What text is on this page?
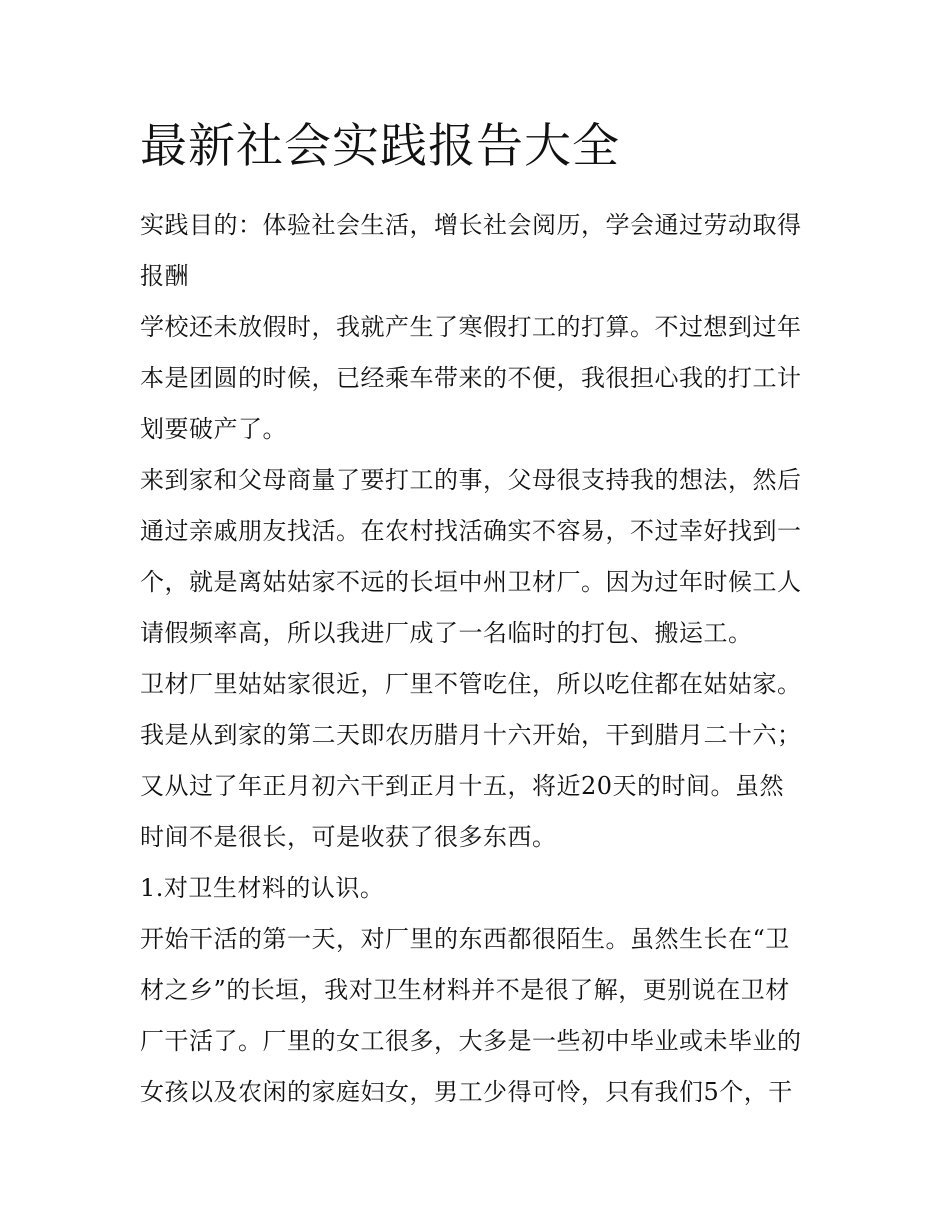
最新社会实践报告大全
实践目的：体验社会生活，增长社会阅历，学会通过劳动取得
报酬
学校还未放假时，我就产生了寒假打工的打算。不过想到过年
本是团圆的时候，已经乘车带来的不便，我很担心我的打工计
划要破产了。
来到家和父母商量了要打工的事，父母很支持我的想法，然后
通过亲戚朋友找活。在农村找活确实不容易，不过幸好找到一
个，就是离姑姑家不远的长垣中州卫材厂。因为过年时候工人
请假频率高，所以我进厂成了一名临时的打包、搬运工。
卫材厂里姑姑家很近，厂里不管吃住，所以吃住都在姑姑家。
我是从到家的第二天即农历腊月十六开始，干到腊月二十六；
又从过了年正月初六干到正月十五，将近20天的时间。虽然
时间不是很长，可是收获了很多东西。
1.对卫生材料的认识。
开始干活的第一天，对厂里的东西都很陌生。虽然生长在“卫
材之乡”的长垣，我对卫生材料并不是很了解，更别说在卫材
厂干活了。厂里的女工很多，大多是一些初中毕业或未毕业的
女孩以及农闲的家庭妇女，男工少得可怜，只有我们5个，干
